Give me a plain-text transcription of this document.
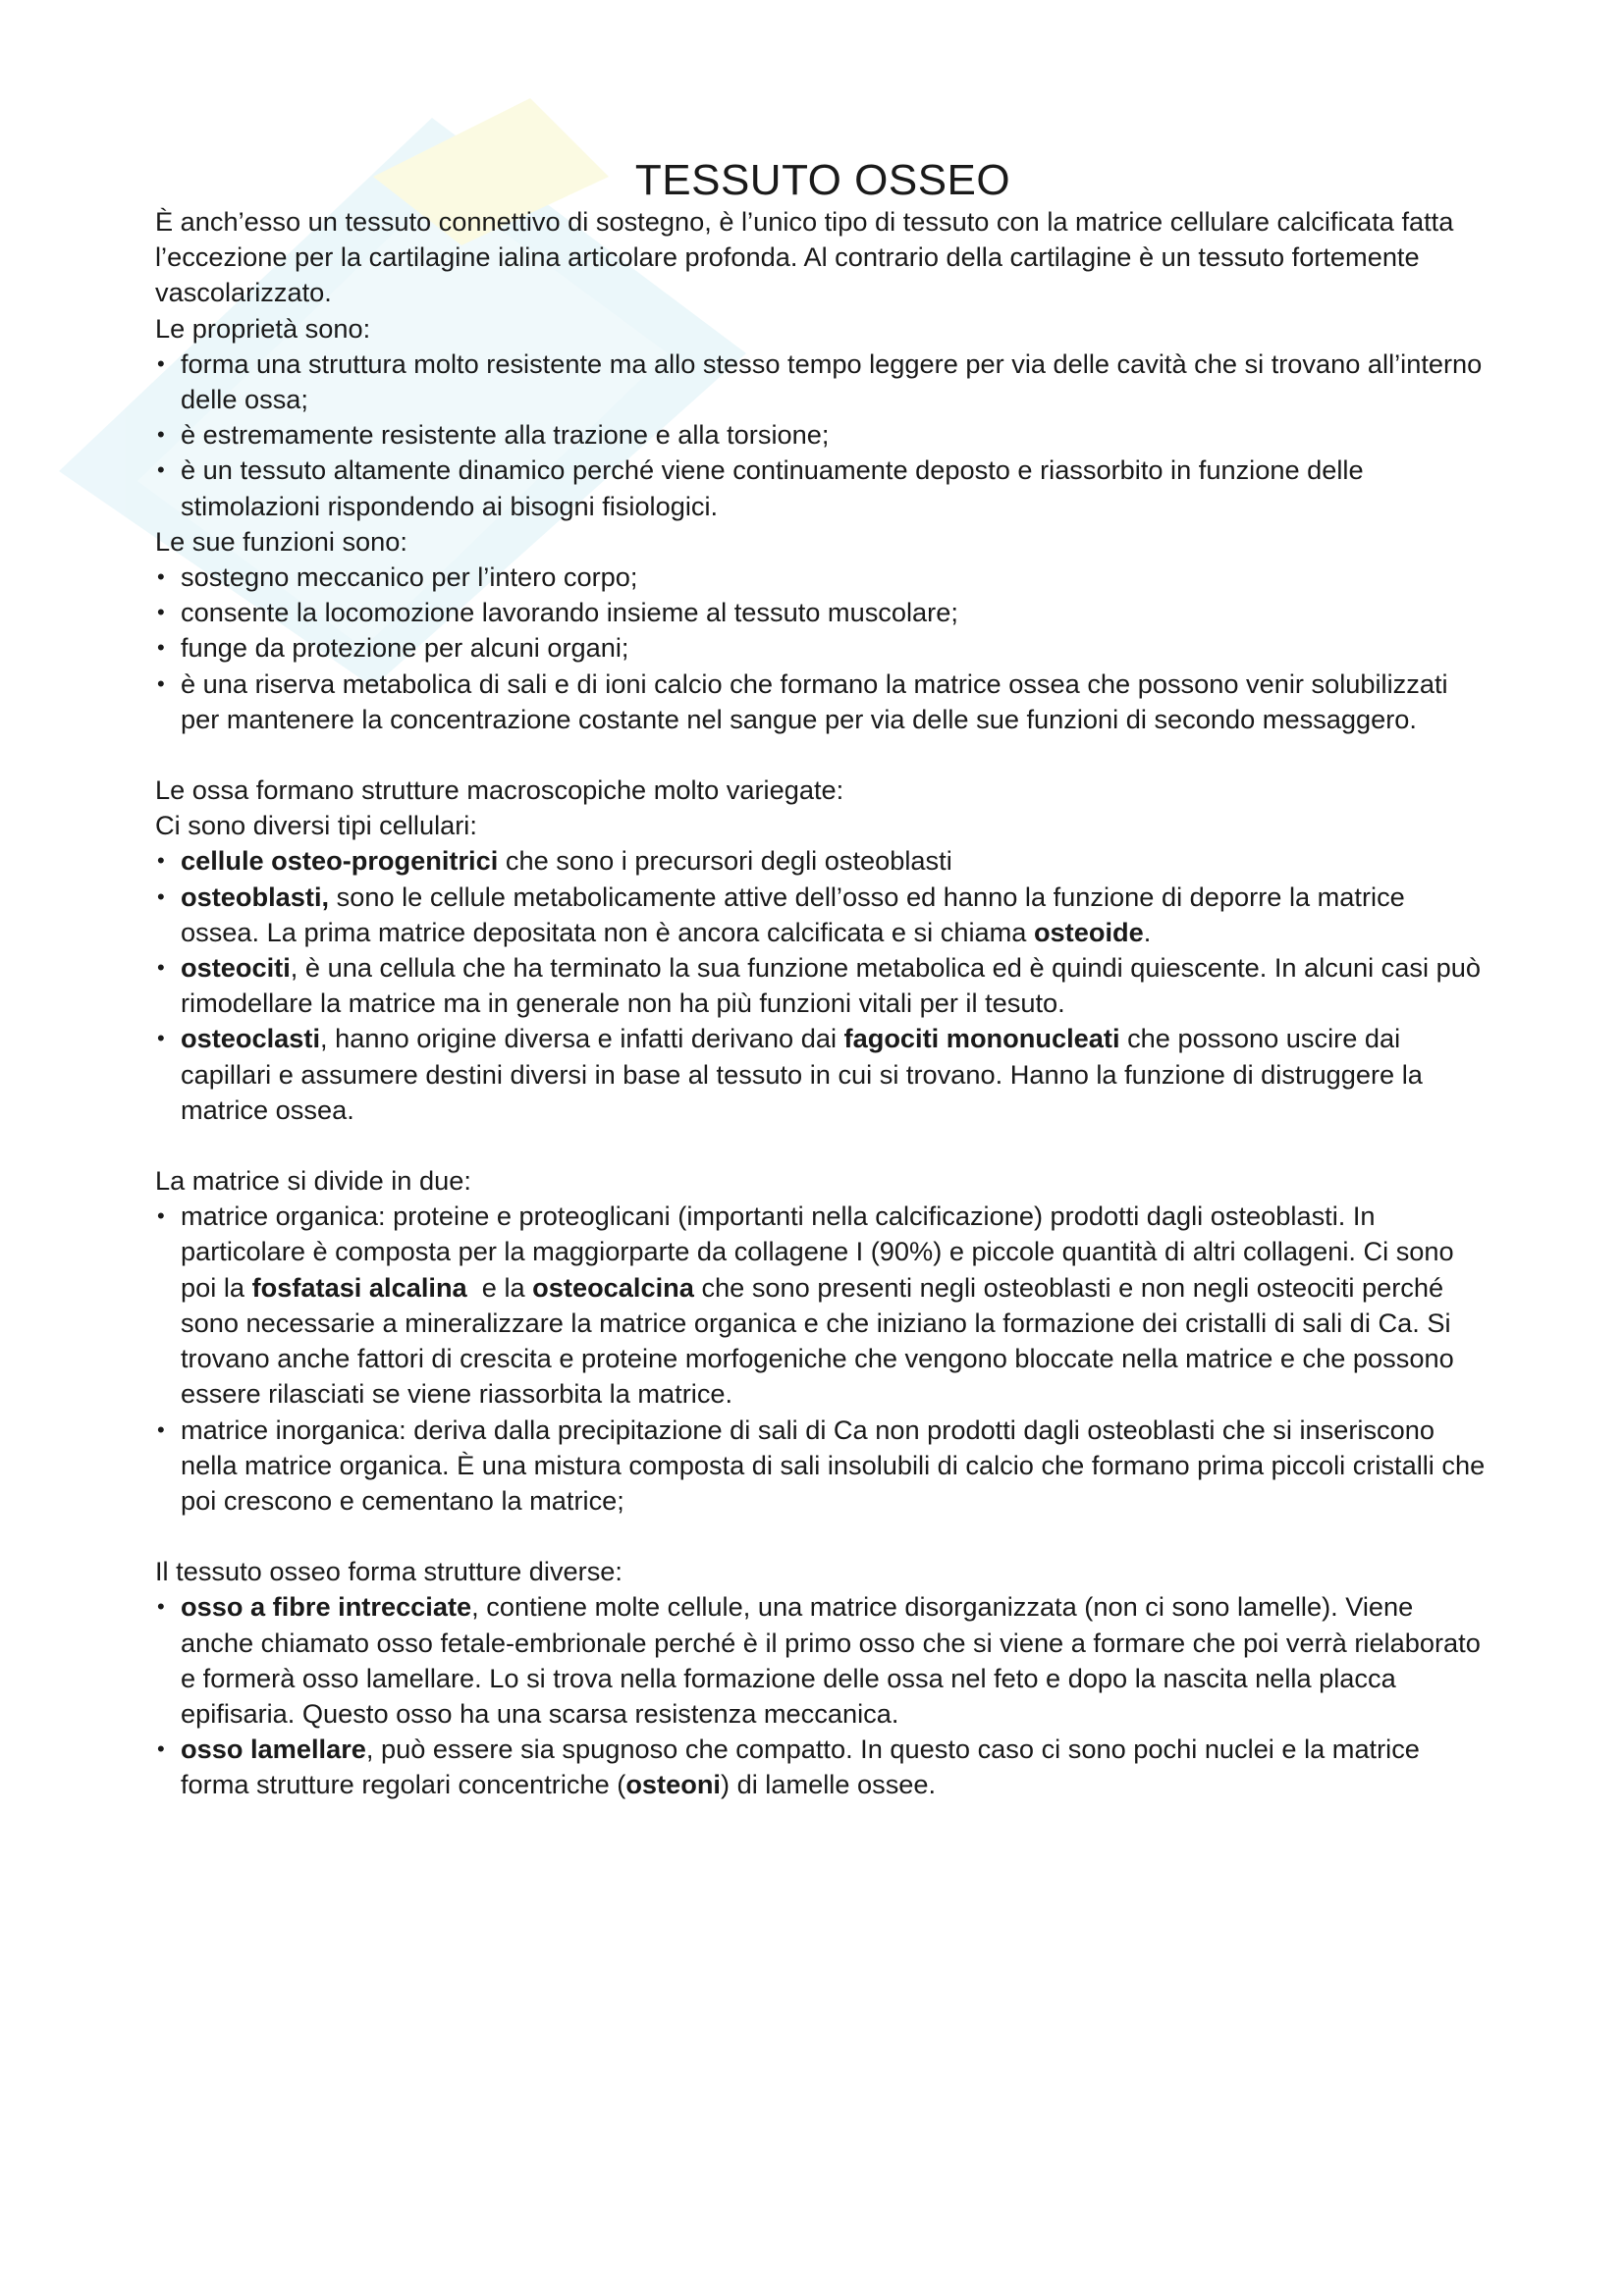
TESSUTO OSSEO

È anch’esso un tessuto connettivo di sostegno, è l’unico tipo di tessuto con la matrice cellulare calcificata fatta l’eccezione per la cartilagine ialina articolare profonda. Al contrario della cartilagine è un tessuto fortemente vascolarizzato.

Le proprietà sono:

• forma una struttura molto resistente ma allo stesso tempo leggere per via delle cavità che si trovano all’interno delle ossa;
• è estremamente resistente alla trazione e alla torsione;
• è un tessuto altamente dinamico perché viene continuamente deposto e riassorbito in funzione delle stimolazioni rispondendo ai bisogni fisiologici.

Le sue funzioni sono:

• sostegno meccanico per l’intero corpo;
• consente la locomozione lavorando insieme al tessuto muscolare;
• funge da protezione per alcuni organi;
• è una riserva metabolica di sali e di ioni calcio che formano la matrice ossea che possono venir solubilizzati per mantenere la concentrazione costante nel sangue per via delle sue funzioni di secondo messaggero.

Le ossa formano strutture macroscopiche molto variegate:

Ci sono diversi tipi cellulari:

• cellule osteo-progenitrici che sono i precursori degli osteoblasti
• osteoblasti, sono le cellule metabolicamente attive dell’osso ed hanno la funzione di deporre la matrice ossea. La prima matrice depositata non è ancora calcificata e si chiama osteoide.
• osteociti, è una cellula che ha terminato la sua funzione metabolica ed è quindi quiescente. In alcuni casi può rimodellare la matrice ma in generale non ha più funzioni vitali per il tesuto.
• osteoclasti, hanno origine diversa e infatti derivano dai fagociti mononucleati che possono uscire dai capillari e assumere destini diversi in base al tessuto in cui si trovano. Hanno la funzione di distruggere la matrice ossea.

La matrice si divide in due:

• matrice organica: proteine e proteoglicani (importanti nella calcificazione) prodotti dagli osteoblasti. In particolare è composta per la maggiorparte da collagene I (90%) e piccole quantità di altri collageni. Ci sono poi la fosfatasi alcalina  e la osteocalcina che sono presenti negli osteoblasti e non negli osteociti perché sono necessarie a mineralizzare la matrice organica e che iniziano la formazione dei cristalli di sali di Ca. Si trovano anche fattori di crescita e proteine morfogeniche che vengono bloccate nella matrice e che possono essere rilasciati se viene riassorbita la matrice.
• matrice inorganica: deriva dalla precipitazione di sali di Ca non prodotti dagli osteoblasti che si inseriscono nella matrice organica. È una mistura composta di sali insolubili di calcio che formano prima piccoli cristalli che poi crescono e cementano la matrice;

Il tessuto osseo forma strutture diverse:

• osso a fibre intrecciate, contiene molte cellule, una matrice disorganizzata (non ci sono lamelle). Viene anche chiamato osso fetale-embrionale perché è il primo osso che si viene a formare che poi verrà rielaborato e formerà osso lamellare. Lo si trova nella formazione delle ossa nel feto e dopo la nascita nella placca epifisaria. Questo osso ha una scarsa resistenza meccanica.
• osso lamellare, può essere sia spugnoso che compatto. In questo caso ci sono pochi nuclei e la matrice forma strutture regolari concentriche (osteoni) di lamelle ossee.
